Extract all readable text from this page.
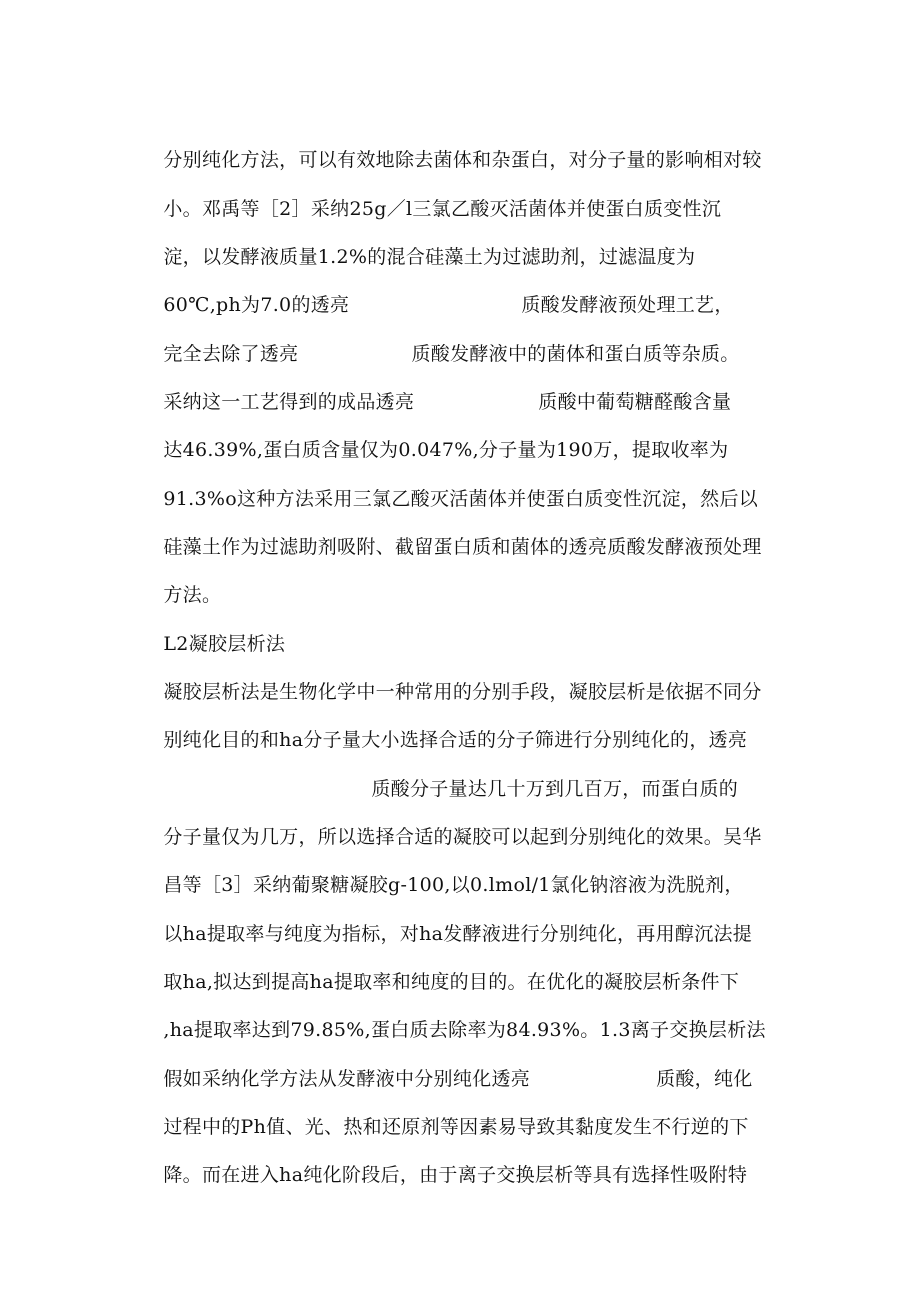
分别纯化方法，可以有效地除去菌体和杂蛋白，对分子量的影响相对较

小。邓禹等［2］采纳25g／l三氯乙酸灭活菌体并使蛋白质变性沉

淀，以发酵液质量1.2%的混合硅藻土为过滤助剂，过滤温度为

60℃,ph为7.0的透亮	质酸发酵液预处理工艺，

完全去除了透亮	质酸发酵液中的菌体和蛋白质等杂质。

采纳这一工艺得到的成品透亮	质酸中葡萄糖醛酸含量

达46.39%,蛋白质含量仅为0.047%,分子量为190万，提取收率为

91.3%o这种方法采用三氯乙酸灭活菌体并使蛋白质变性沉淀，然后以

硅藻土作为过滤助剂吸附、截留蛋白质和菌体的透亮质酸发酵液预处理

方法。

L2凝胶层析法

凝胶层析法是生物化学中一种常用的分别手段，凝胶层析是依据不同分

别纯化目的和ha分子量大小选择合适的分子筛进行分别纯化的，透亮

质酸分子量达几十万到几百万，而蛋白质的

分子量仅为几万，所以选择合适的凝胶可以起到分别纯化的效果。吴华

昌等［3］采纳葡聚糖凝胶g-100,以0.lmol/1氯化钠溶液为洗脱剂，

以ha提取率与纯度为指标，对ha发酵液进行分别纯化，再用醇沉法提

取ha,拟达到提高ha提取率和纯度的目的。在优化的凝胶层析条件下

,ha提取率达到79.85%,蛋白质去除率为84.93%。1.3离子交换层析法

假如采纳化学方法从发酵液中分别纯化透亮	质酸，纯化

过程中的Ph值、光、热和还原剂等因素易导致其黏度发生不行逆的下

降。而在进入ha纯化阶段后，由于离子交换层析等具有选择性吸附特
